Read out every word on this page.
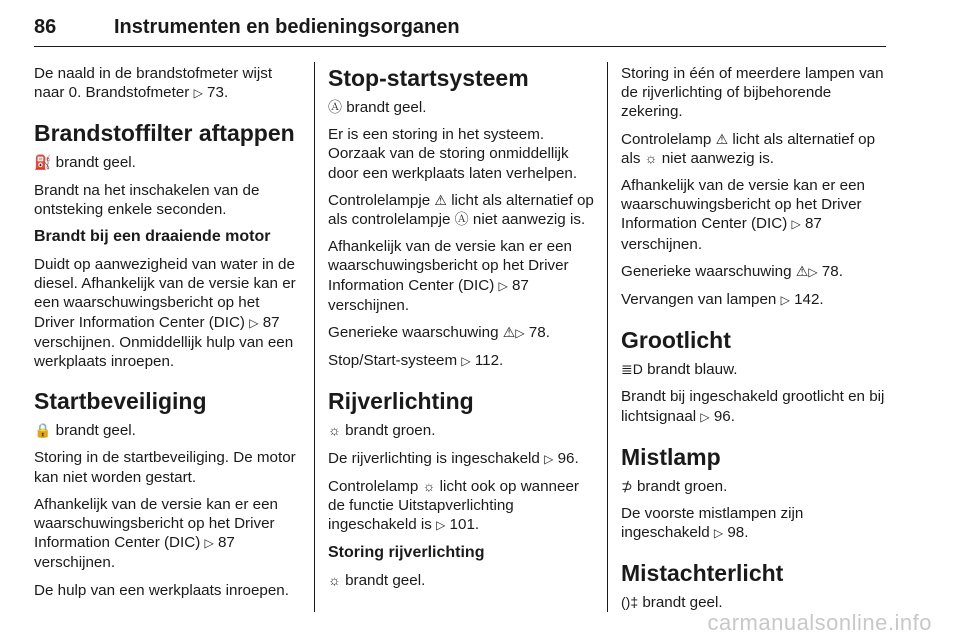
86	Instrumenten en bedieningsorganen

De naald in de brandstofmeter wijst naar 0. Brandstofmeter ▷ 73.

Brandstoffilter aftappen

⛽ brandt geel.

Brandt na het inschakelen van de ontsteking enkele seconden.

Brandt bij een draaiende motor

Duidt op aanwezigheid van water in de diesel. Afhankelijk van de versie kan er een waarschuwingsbericht op het Driver Information Center (DIC) ▷ 87 verschijnen. Onmiddellijk hulp van een werkplaats inroepen.

Startbeveiliging

🔒 brandt geel.

Storing in de startbeveiliging. De motor kan niet worden gestart.

Afhankelijk van de versie kan er een waarschuwingsbericht op het Driver Information Center (DIC) ▷ 87 verschijnen.

De hulp van een werkplaats inroepen.

Stop-startsysteem

Ⓐ brandt geel.

Er is een storing in het systeem. Oorzaak van de storing onmiddellijk door een werkplaats laten verhelpen.

Controlelampje ⚠ licht als alternatief op als controlelampje Ⓐ niet aanwezig is.

Afhankelijk van de versie kan er een waarschuwingsbericht op het Driver Information Center (DIC) ▷ 87 verschijnen.

Generieke waarschuwing ⚠▷ 78.

Stop/Start-systeem ▷ 112.

Rijverlichting

☼ brandt groen.

De rijverlichting is ingeschakeld ▷ 96.

Controlelamp ☼ licht ook op wanneer de functie Uitstapverlichting ingeschakeld is ▷ 101.

Storing rijverlichting

☼ brandt geel.

Storing in één of meerdere lampen van de rijverlichting of bijbehorende zekering.

Controlelamp ⚠ licht als alternatief op als ☼ niet aanwezig is.

Afhankelijk van de versie kan er een waarschuwingsbericht op het Driver Information Center (DIC) ▷ 87 verschijnen.

Generieke waarschuwing ⚠▷ 78.

Vervangen van lampen ▷ 142.

Grootlicht

≣D brandt blauw.

Brandt bij ingeschakeld grootlicht en bij lichtsignaal ▷ 96.

Mistlamp

⊅ brandt groen.

De voorste mistlampen zijn ingeschakeld ▷ 98.

Mistachterlicht

()‡ brandt geel.

carmanualsonline.info
